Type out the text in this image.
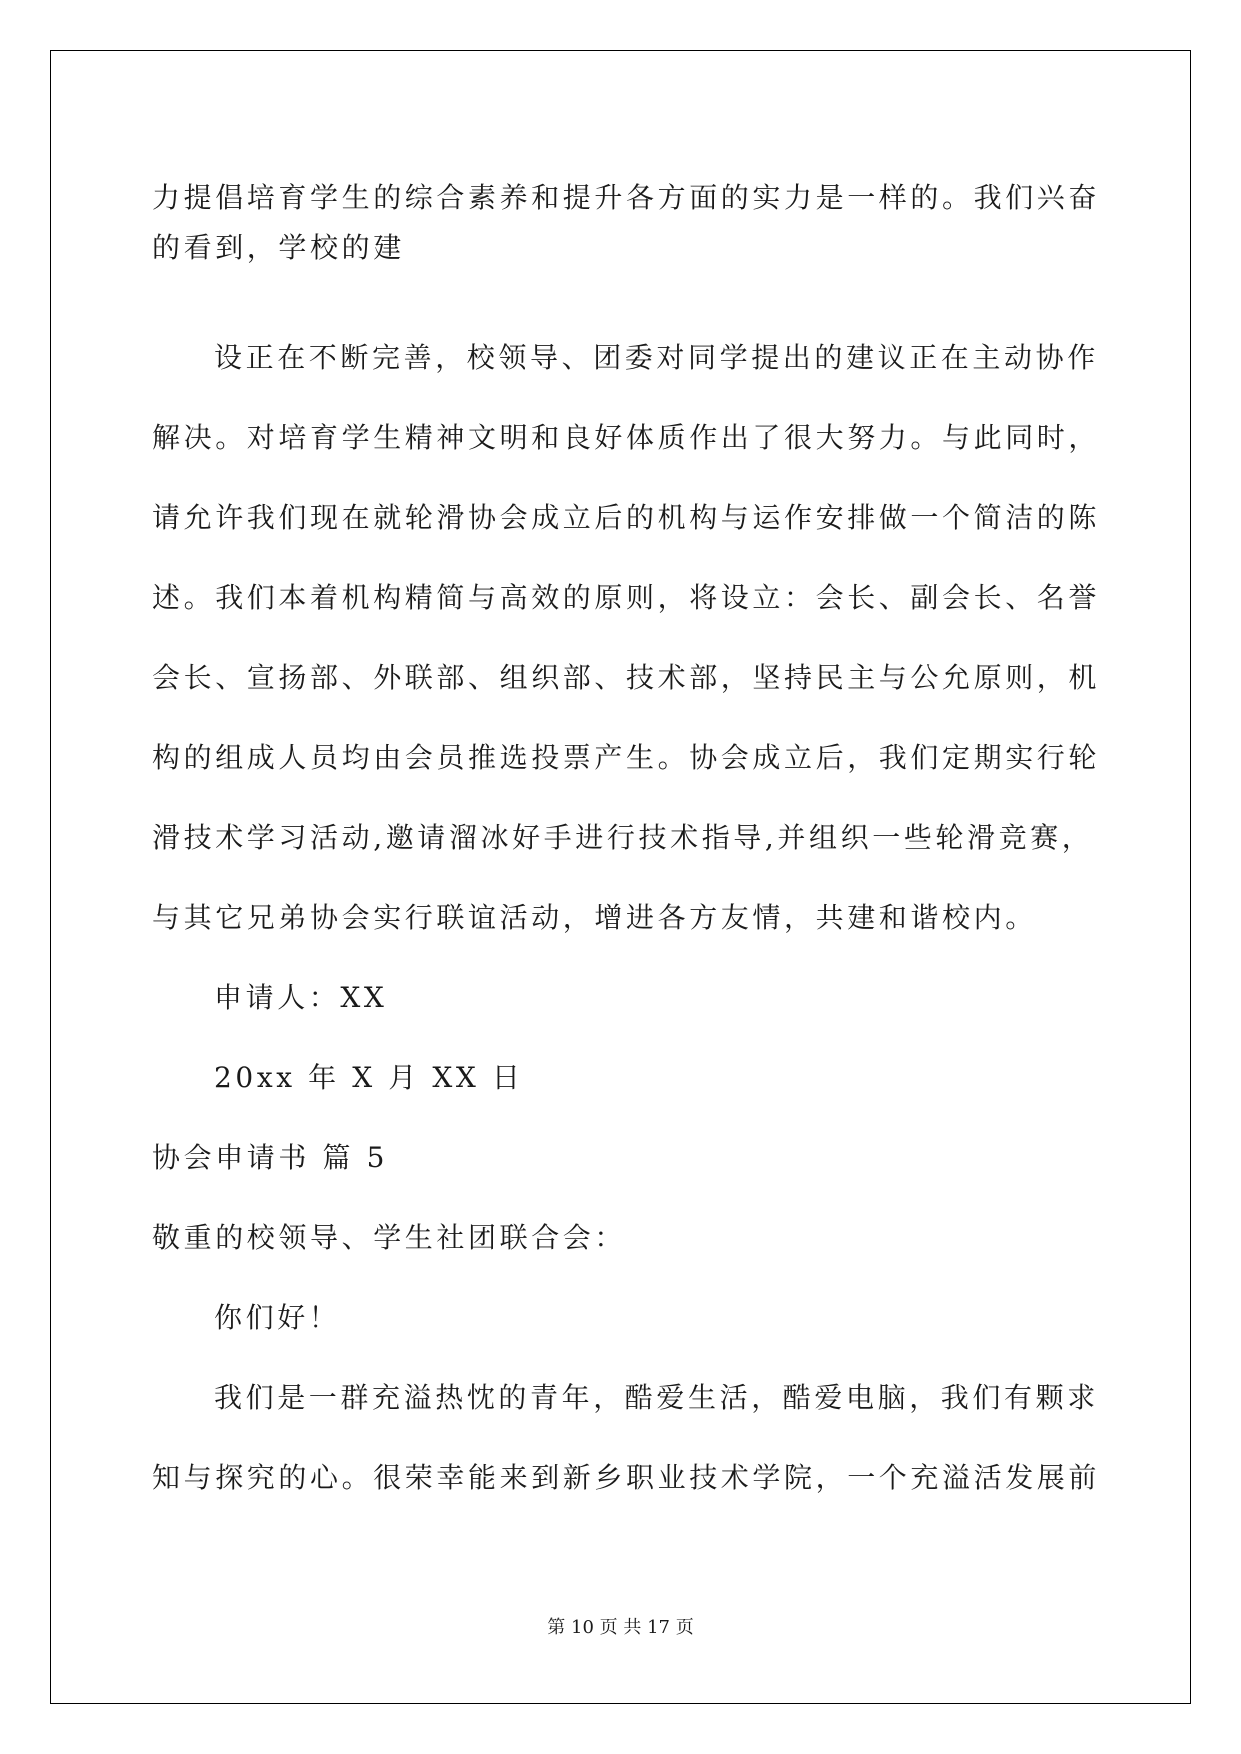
力提倡培育学生的综合素养和提升各方面的实力是一样的。我们兴奋
的看到，学校的建
设正在不断完善，校领导、团委对同学提出的建议正在主动协作
解决。对培育学生精神文明和良好体质作出了很大努力。与此同时，
请允许我们现在就轮滑协会成立后的机构与运作安排做一个简洁的陈
述。我们本着机构精简与高效的原则，将设立：会长、副会长、名誉
会长、宣扬部、外联部、组织部、技术部，坚持民主与公允原则，机
构的组成人员均由会员推选投票产生。协会成立后，我们定期实行轮
滑技术学习活动,邀请溜冰好手进行技术指导,并组织一些轮滑竞赛，
与其它兄弟协会实行联谊活动，增进各方友情，共建和谐校内。
申请人：XX
20xx 年 X 月 XX 日
协会申请书 篇 5
敬重的校领导、学生社团联合会：
你们好！
我们是一群充溢热忱的青年，酷爱生活，酷爱电脑，我们有颗求
知与探究的心。很荣幸能来到新乡职业技术学院，一个充溢活发展前
第 10 页 共 17 页
